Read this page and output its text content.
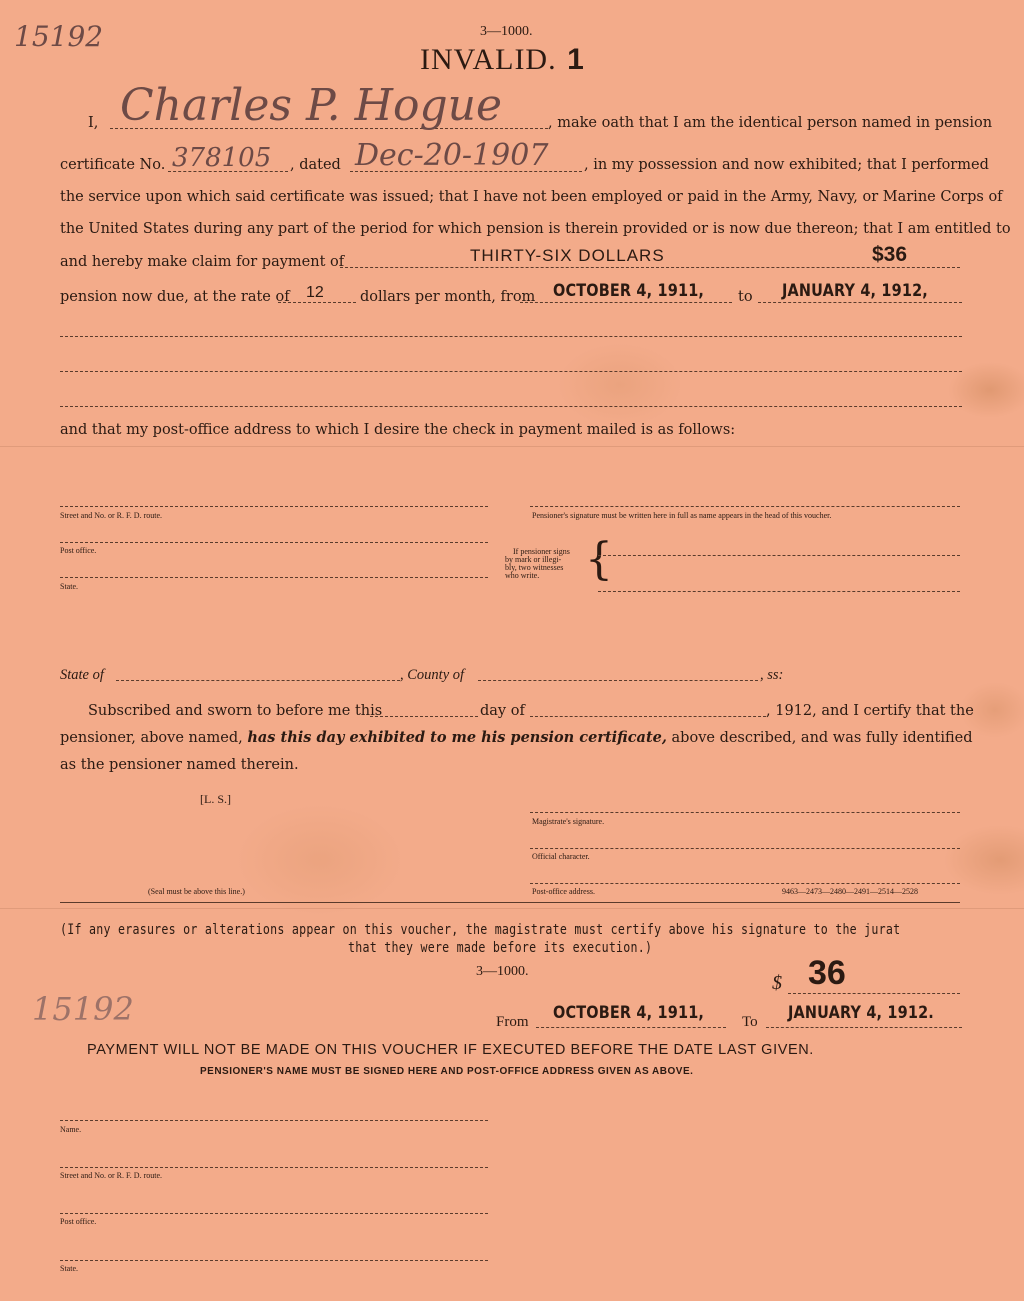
15192	3—1000.
INVALID. 1
I, Charles P. Hogue	, make oath that I am the identical person named in pension
certificate No. 378105 , dated Dec-20-1907 , in my possession and now exhibited; that I performed
the service upon which said certificate was issued; that I have not been employed or paid in the Army, Navy, or Marine Corps of
the United States during any part of the period for which pension is therein provided or is now due thereon; that I am entitled to
and hereby make claim for payment of	THIRTY-SIX DOLLARS	$36
pension now due, at the rate of 12 dollars per month, from OCTOBER 4, 1911, to JANUARY 4, 1912,
and that my post-office address to which I desire the check in payment mailed is as follows:
Street and No. or R. F. D. route.
Post office.
State.
Pensioner's signature must be written here in full as name appears in the head of this voucher.
If pensioner signs
by mark or illegi-
bly, two witnesses
who write.	{
State of	, County of	, ss:
Subscribed and sworn to before me this	day of	, 1912, and I certify that the
pensioner, above named, has this day exhibited to me his pension certificate, above described, and was fully identified
as the pensioner named therein.
[L. S.]
Magistrate's signature.
Official character.
Post-office address.	9463—2473—2480—2491—2514—2528
(Seal must be above this line.)
(If any erasures or alterations appear on this voucher, the magistrate must certify above his signature to the jurat
that they were made before its execution.)
3—1000.
$ 36
15192	From OCTOBER 4, 1911,	To JANUARY 4, 1912.
PAYMENT WILL NOT BE MADE ON THIS VOUCHER IF EXECUTED BEFORE THE DATE LAST GIVEN.
PENSIONER'S NAME MUST BE SIGNED HERE AND POST-OFFICE ADDRESS GIVEN AS ABOVE.
Name.
Street and No. or R. F. D. route.
Post office.
State.
